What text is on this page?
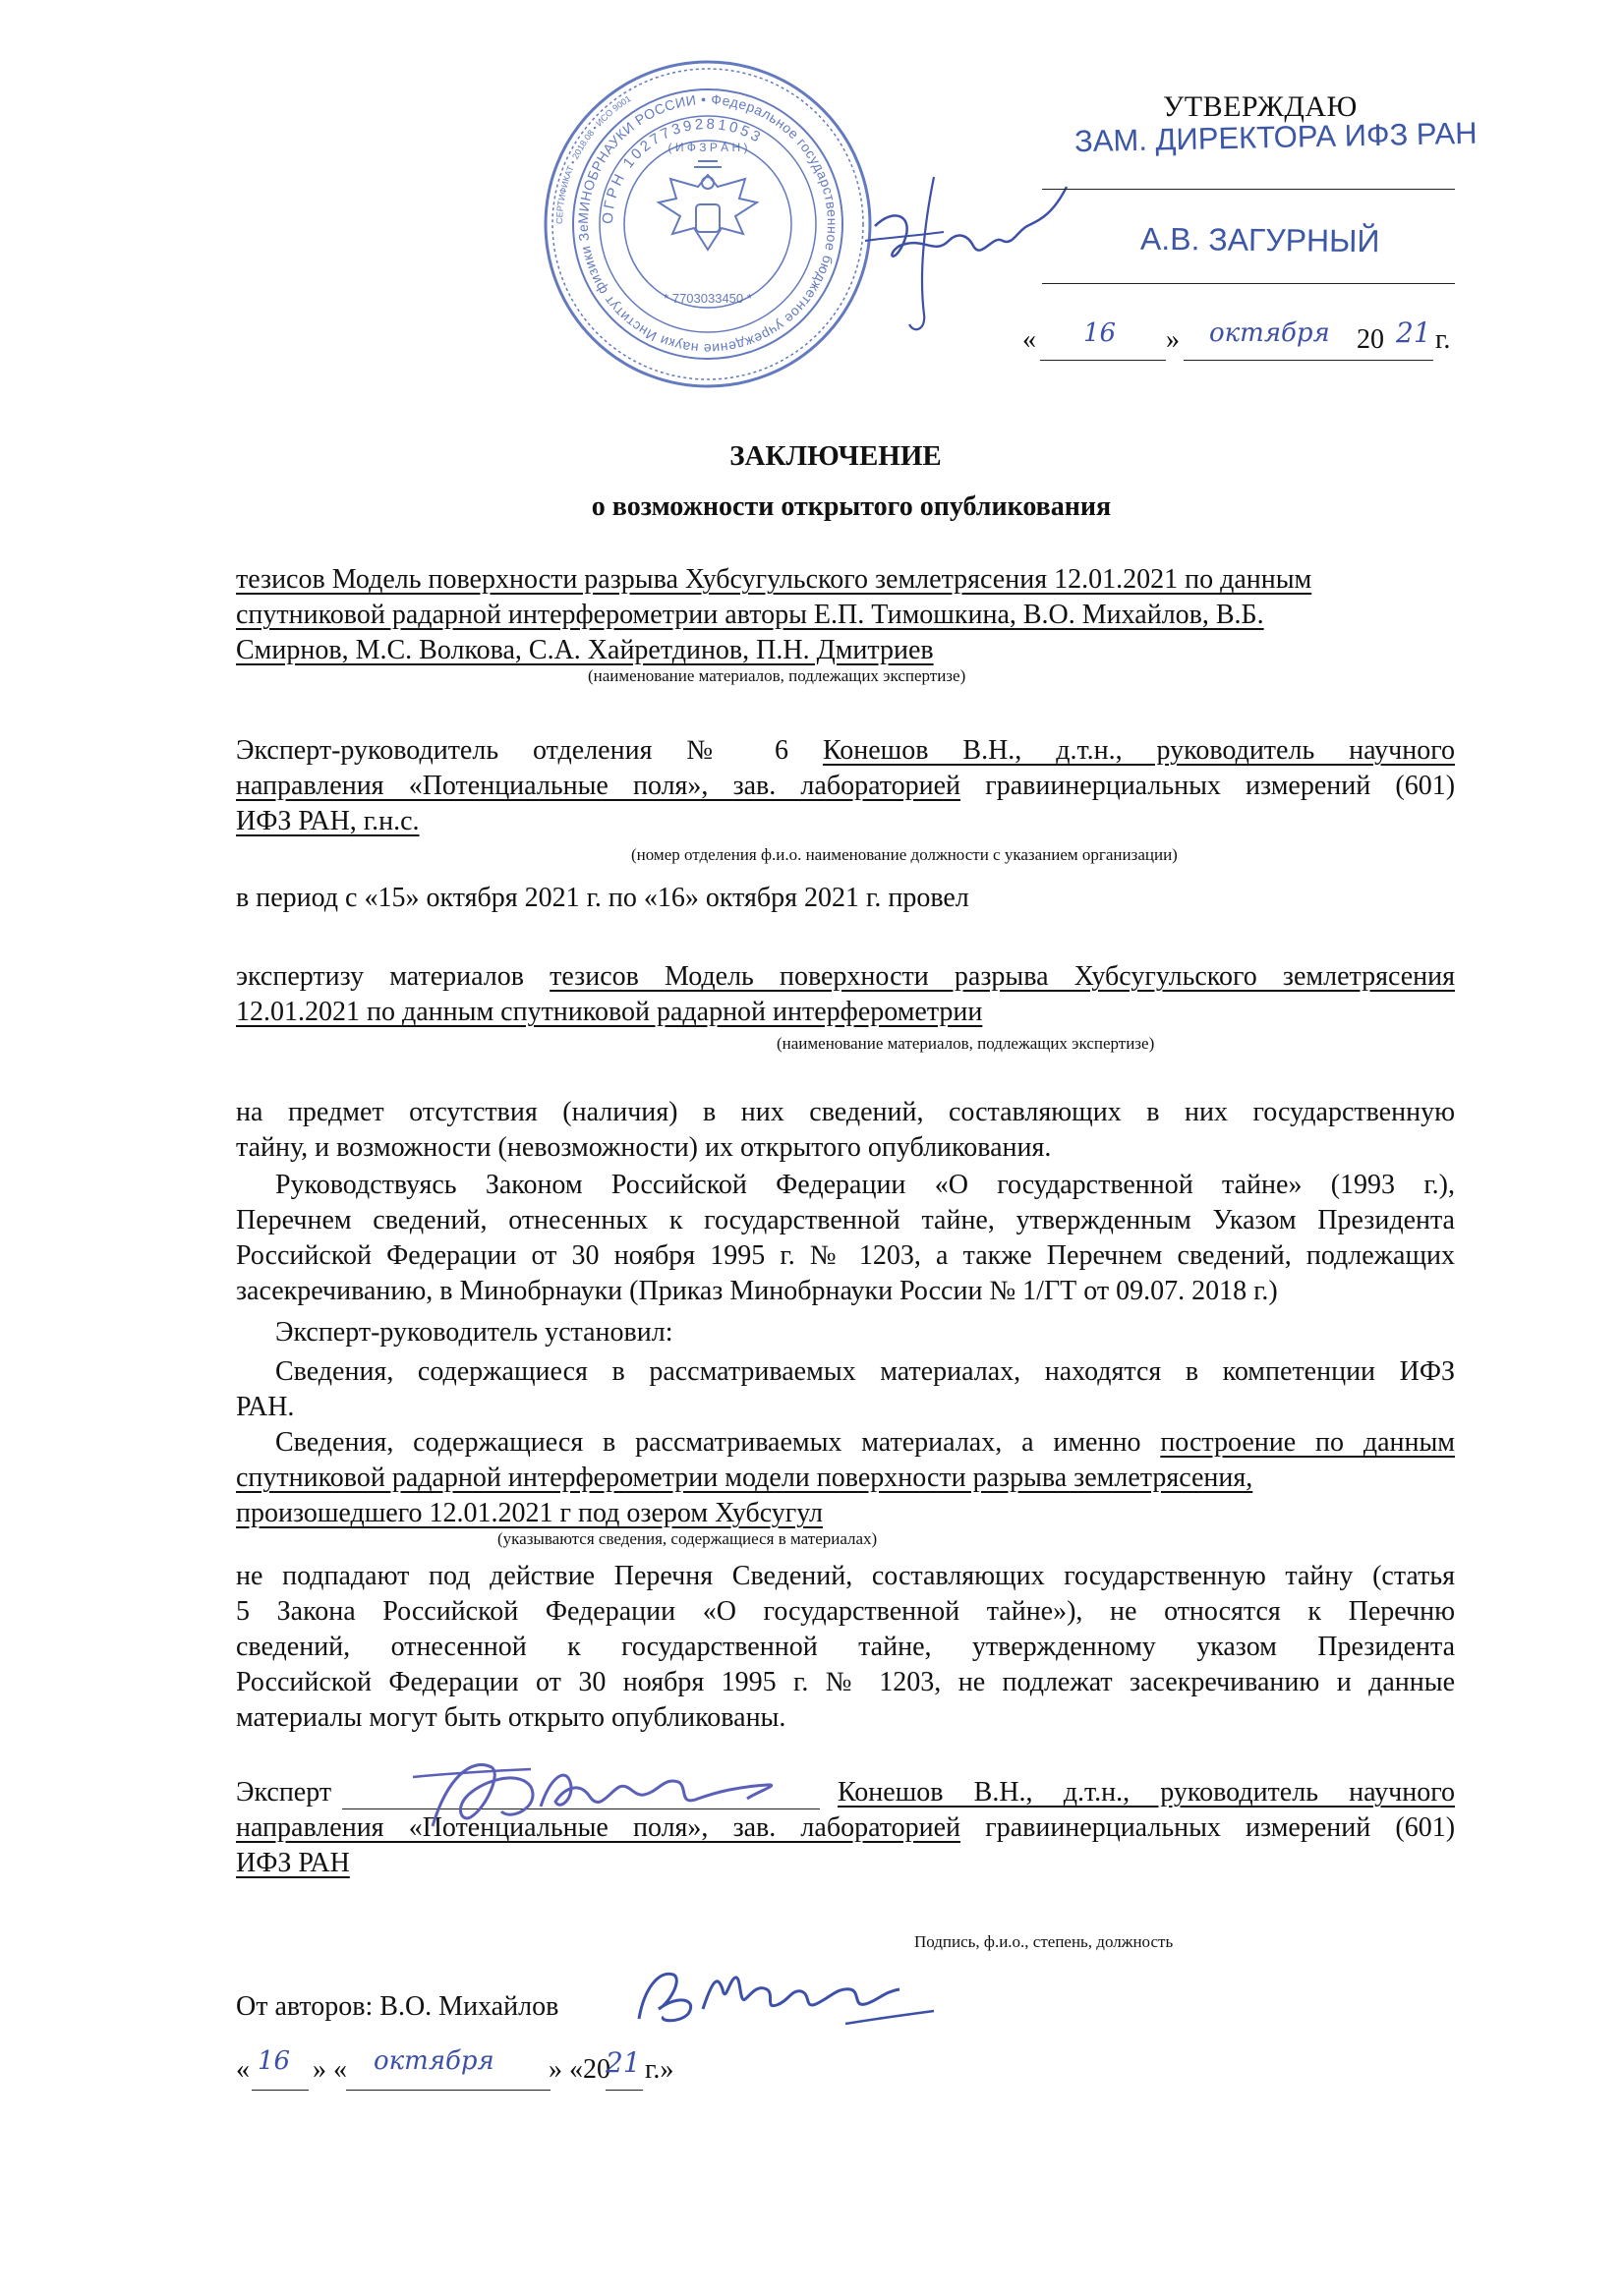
СЕРТИФИКАТ • 2018.08 • ИСО 9001
МИНОБРНАУКИ РОССИИ • Федеральное государственное бюджетное учреждение науки Институт физики Зе
ОГРН 1027739281053
* 7703033450 *
( И Ф З Р А Н )
УТВЕРЖДАЮ
ЗАМ. ДИРЕКТОРА ИФЗ РАН
А.В. ЗАГУРНЫЙ
« 16 » октября 20 21 г.
ЗАКЛЮЧЕНИЕ
о возможности открытого опубликования
тезисов Модель поверхности разрыва Хубсугульского землетрясения 12.01.2021 по данным
спутниковой радарной интерферометрии авторы Е.П. Тимошкина, В.О. Михайлов, В.Б.
Смирнов, М.С. Волкова, С.А. Хайретдинов, П.Н. Дмитриев
(наименование материалов, подлежащих экспертизе)
Эксперт-руководитель отделения № 6 Конешов В.Н., д.т.н., руководитель научного
направления «Потенциальные поля», зав. лабораторией гравиинерциальных измерений (601)
ИФЗ РАН, г.н.с.
(номер отделения ф.и.о. наименование должности с указанием организации)
в период с «15» октября 2021 г. по «16» октября 2021 г. провел
экспертизу материалов тезисов Модель поверхности разрыва Хубсугульского землетрясения
12.01.2021 по данным спутниковой радарной интерферометрии
(наименование материалов, подлежащих экспертизе)
на предмет отсутствия (наличия) в них сведений, составляющих в них государственную
тайну, и возможности (невозможности) их открытого опубликования.
Руководствуясь Законом Российской Федерации «О государственной тайне» (1993 г.),
Перечнем сведений, отнесенных к государственной тайне, утвержденным Указом Президента
Российской Федерации от 30 ноября 1995 г. № 1203, а также Перечнем сведений, подлежащих
засекречиванию, в Минобрнауки (Приказ Минобрнауки России № 1/ГТ от 09.07. 2018 г.)
Эксперт-руководитель установил:
Сведения, содержащиеся в рассматриваемых материалах, находятся в компетенции ИФЗ
РАН.
Сведения, содержащиеся в рассматриваемых материалах, а именно построение по данным
спутниковой радарной интерферометрии модели поверхности разрыва землетрясения,
произошедшего 12.01.2021 г под озером Хубсугул
(указываются сведения, содержащиеся в материалах)
не подпадают под действие Перечня Сведений, составляющих государственную тайну (статья
5 Закона Российской Федерации «О государственной тайне»), не относятся к Перечню
сведений, отнесенной к государственной тайне, утвержденному указом Президента
Российской Федерации от 30 ноября 1995 г. № 1203, не подлежат засекречиванию и данные
материалы могут быть открыто опубликованы.
Эксперт	Конешов В.Н., д.т.н., руководитель научного
направления «Потенциальные поля», зав. лабораторией гравиинерциальных измерений (601)
ИФЗ РАН
Подпись, ф.и.о., степень, должность
От авторов: В.О. Михайлов
« 16 » « октября » «20
21 г.»
